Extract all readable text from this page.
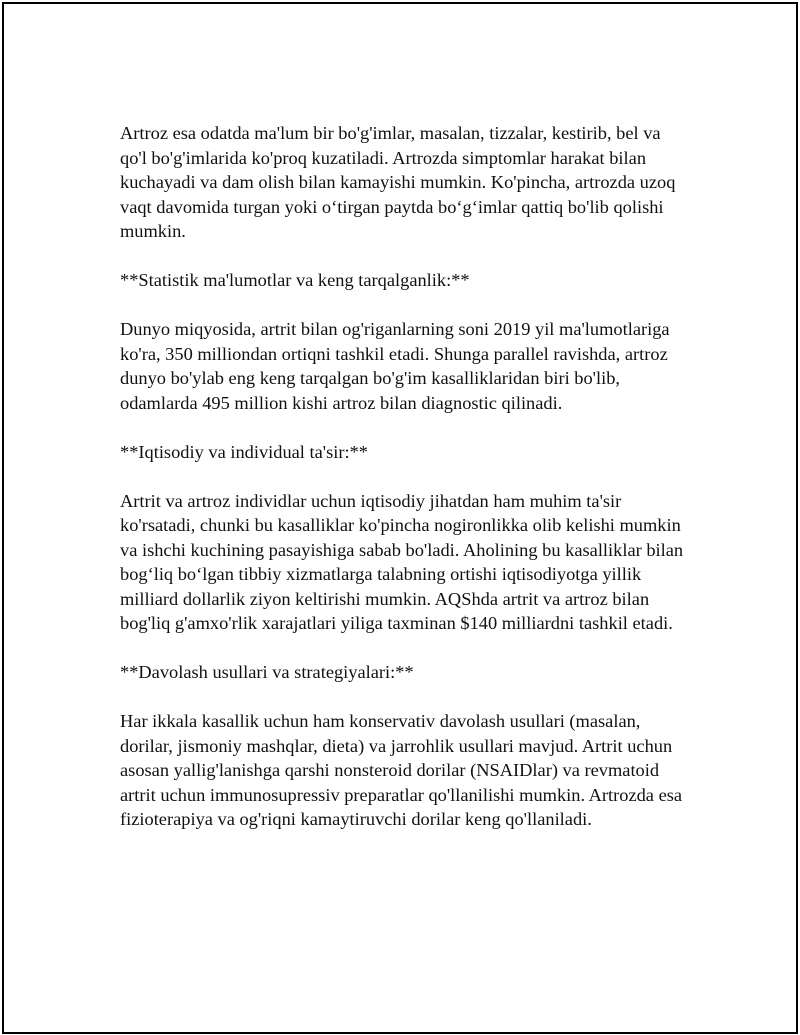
Artroz esa odatda ma'lum bir bo'g'imlar, masalan, tizzalar, kestirib, bel va
qo'l bo'g'imlarida ko'proq kuzatiladi. Artrozda simptomlar harakat bilan
kuchayadi va dam olish bilan kamayishi mumkin. Ko'pincha, artrozda uzoq
vaqt davomida turgan yoki o‘tirgan paytda bo‘g‘imlar qattiq bo'lib qolishi
mumkin.

**Statistik ma'lumotlar va keng tarqalganlik:**

Dunyo miqyosida, artrit bilan og'riganlarning soni 2019 yil ma'lumotlariga
ko'ra, 350 milliondan ortiqni tashkil etadi. Shunga parallel ravishda, artroz
dunyo bo'ylab eng keng tarqalgan bo'g'im kasalliklaridan biri bo'lib,
odamlarda 495 million kishi artroz bilan diagnostic qilinadi.

**Iqtisodiy va individual ta'sir:**

Artrit va artroz individlar uchun iqtisodiy jihatdan ham muhim ta'sir
ko'rsatadi, chunki bu kasalliklar ko'pincha nogironlikka olib kelishi mumkin
va ishchi kuchining pasayishiga sabab bo'ladi. Aholining bu kasalliklar bilan
bog‘liq bo‘lgan tibbiy xizmatlarga talabning ortishi iqtisodiyotga yillik
milliard dollarlik ziyon keltirishi mumkin. AQShda artrit va artroz bilan
bog'liq g'amxo'rlik xarajatlari yiliga taxminan $140 milliardni tashkil etadi.

**Davolash usullari va strategiyalari:**

Har ikkala kasallik uchun ham konservativ davolash usullari (masalan,
dorilar, jismoniy mashqlar, dieta) va jarrohlik usullari mavjud. Artrit uchun
asosan yallig'lanishga qarshi nonsteroid dorilar (NSAIDlar) va revmatoid
artrit uchun immunosupressiv preparatlar qo'llanilishi mumkin. Artrozda esa
fizioterapiya va og'riqni kamaytiruvchi dorilar keng qo'llaniladi.
